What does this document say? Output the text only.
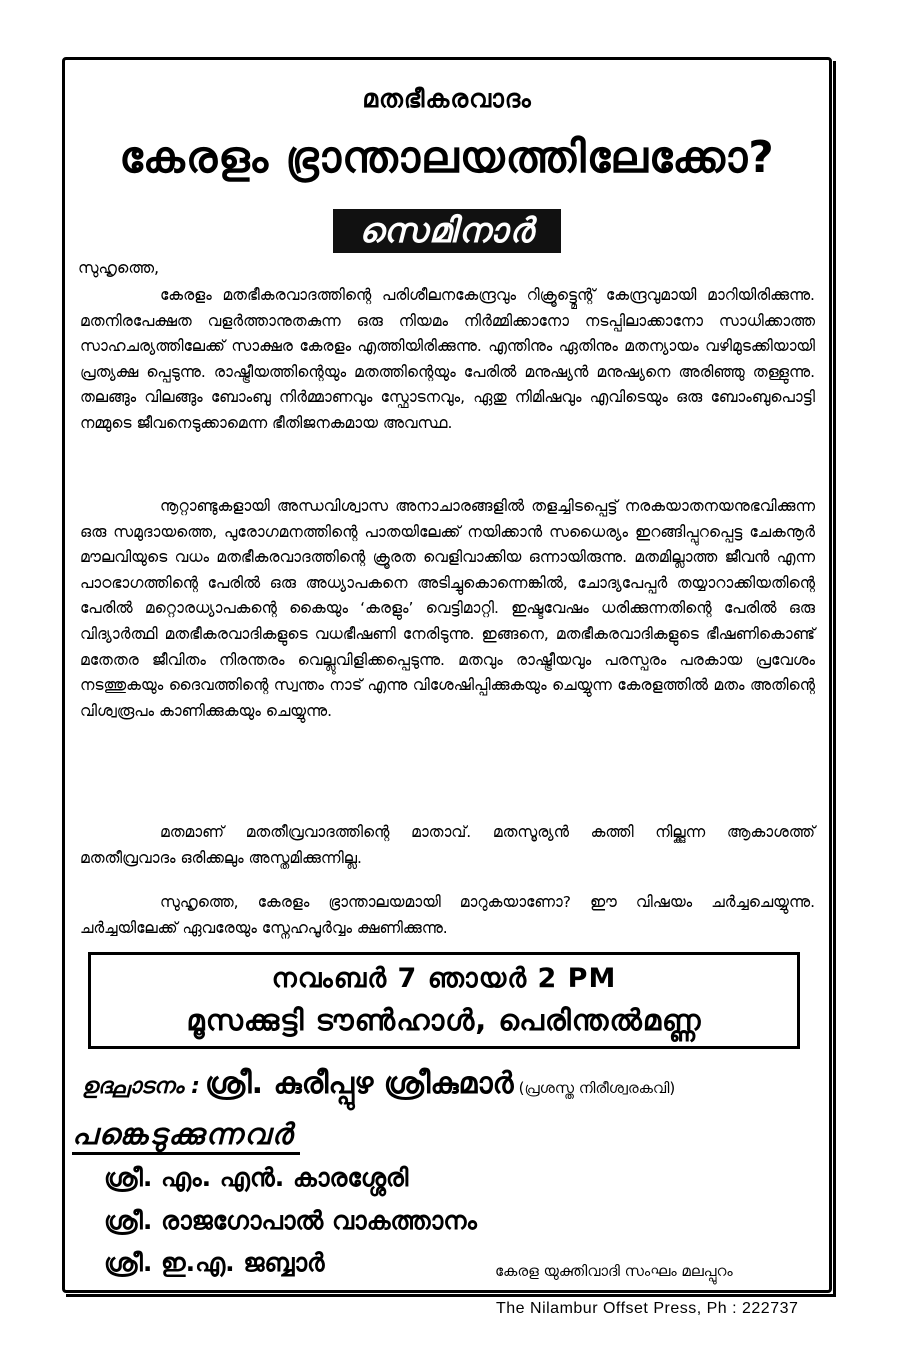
മതഭീകരവാദം
കേരളം ഭ്രാന്താലയത്തിലേക്കോ?
സെമിനാർ
സുഹൃത്തെ,
കേരളം മതഭീകരവാദത്തിന്റെ പരിശീലനകേന്ദ്രവും റിക്രൂട്ട്മെന്റ് കേന്ദ്രവുമായി മാറിയിരിക്കുന്നു. മതനിരപേക്ഷത വളർത്താനുതകുന്ന ഒരു നിയമം നിർമ്മിക്കാനോ നടപ്പിലാക്കാനോ സാധിക്കാത്ത സാഹചര്യത്തിലേക്ക് സാക്ഷര കേരളം എത്തിയിരിക്കുന്നു. എന്തിനും ഏതിനും മതന്യായം വഴിമുടക്കിയായി പ്രത്യക്ഷ പ്പെടുന്നു. രാഷ്ട്രീയത്തിന്റെയും മതത്തിന്റെയും പേരിൽ മനുഷ്യൻ മനുഷ്യനെ അരിഞ്ഞു തള്ളുന്നു. തലങ്ങും വിലങ്ങും ബോംബു നിർമ്മാണവും സ്ഫോടനവും, ഏതു നിമിഷവും എവിടെയും ഒരു ബോംബുപൊട്ടി നമ്മുടെ ജീവനെടുക്കാമെന്ന ഭീതിജനകമായ അവസ്ഥ.
നൂറ്റാണ്ടുകളായി അന്ധവിശ്വാസ അനാചാരങ്ങളിൽ തളച്ചിടപ്പെട്ട് നരകയാതനയനുഭവിക്കുന്ന ഒരു സമുദായത്തെ, പുരോഗമനത്തിന്റെ പാതയിലേക്ക് നയിക്കാൻ സധൈര്യം ഇറങ്ങിപ്പുറപ്പെട്ട ചേകനൂർ മൗലവിയുടെ വധം മതഭീകരവാദത്തിന്റെ ക്രൂരത വെളിവാക്കിയ ഒന്നായിരുന്നു. മതമില്ലാത്ത ജീവൻ എന്ന പാഠഭാഗത്തിന്റെ പേരിൽ ഒരു അധ്യാപകനെ അടിച്ചുകൊന്നെങ്കിൽ, ചോദ്യപേപ്പർ തയ്യാറാക്കിയതിന്റെ പേരിൽ മറ്റൊരധ്യാപകന്റെ കൈയും ‘കരളും’ വെട്ടിമാറ്റി. ഇഷ്ടവേഷം ധരിക്കുന്നതിന്റെ പേരിൽ ഒരു വിദ്യാർത്ഥി മതഭീകരവാദികളുടെ വധഭീഷണി നേരിടുന്നു. ഇങ്ങനെ, മതഭീകരവാദികളുടെ ഭീഷണികൊണ്ട് മതേതര ജീവിതം നിരന്തരം വെല്ലുവിളിക്കപ്പെടുന്നു. മതവും രാഷ്ട്രീയവും പരസ്പരം പരകായ പ്രവേശം നടത്തുകയും ദൈവത്തിന്റെ സ്വന്തം നാട് എന്നു വിശേഷിപ്പിക്കുകയും ചെയ്യുന്ന കേരളത്തിൽ മതം അതിന്റെ വിശ്വരൂപം കാണിക്കുകയും ചെയ്യുന്നു.
മതമാണ് മതതീവ്രവാദത്തിന്റെ മാതാവ്. മതസൂര്യൻ കത്തി നില്ക്കുന്ന ആകാശത്ത് മതതീവ്രവാദം ഒരിക്കലും അസ്തമിക്കുന്നില്ല.
സുഹൃത്തെ, കേരളം ഭ്രാന്താലയമായി മാറുകയാണോ? ഈ വിഷയം ചർച്ചചെയ്യുന്നു. ചർച്ചയിലേക്ക് ഏവരേയും സ്നേഹപൂർവ്വം ക്ഷണിക്കുന്നു.
നവംബർ 7 ഞായർ 2 PM
മൂസക്കുട്ടി ടൗൺഹാൾ, പെരിന്തൽമണ്ണ
ഉദ്ഘാടനം : ശ്രീ. കുരീപ്പുഴ ശ്രീകുമാർ (പ്രശസ്ത നിരീശ്വരകവി)
പങ്കെടുക്കുന്നവർ
ശ്രീ. എം. എൻ. കാരശ്ശേരി
ശ്രീ. രാജഗോപാൽ വാകത്താനം
ശ്രീ. ഇ.എ. ജബ്ബാർ	കേരള യുക്തിവാദി സംഘം മലപ്പുറം
The Nilambur Offset Press, Ph : 222737
